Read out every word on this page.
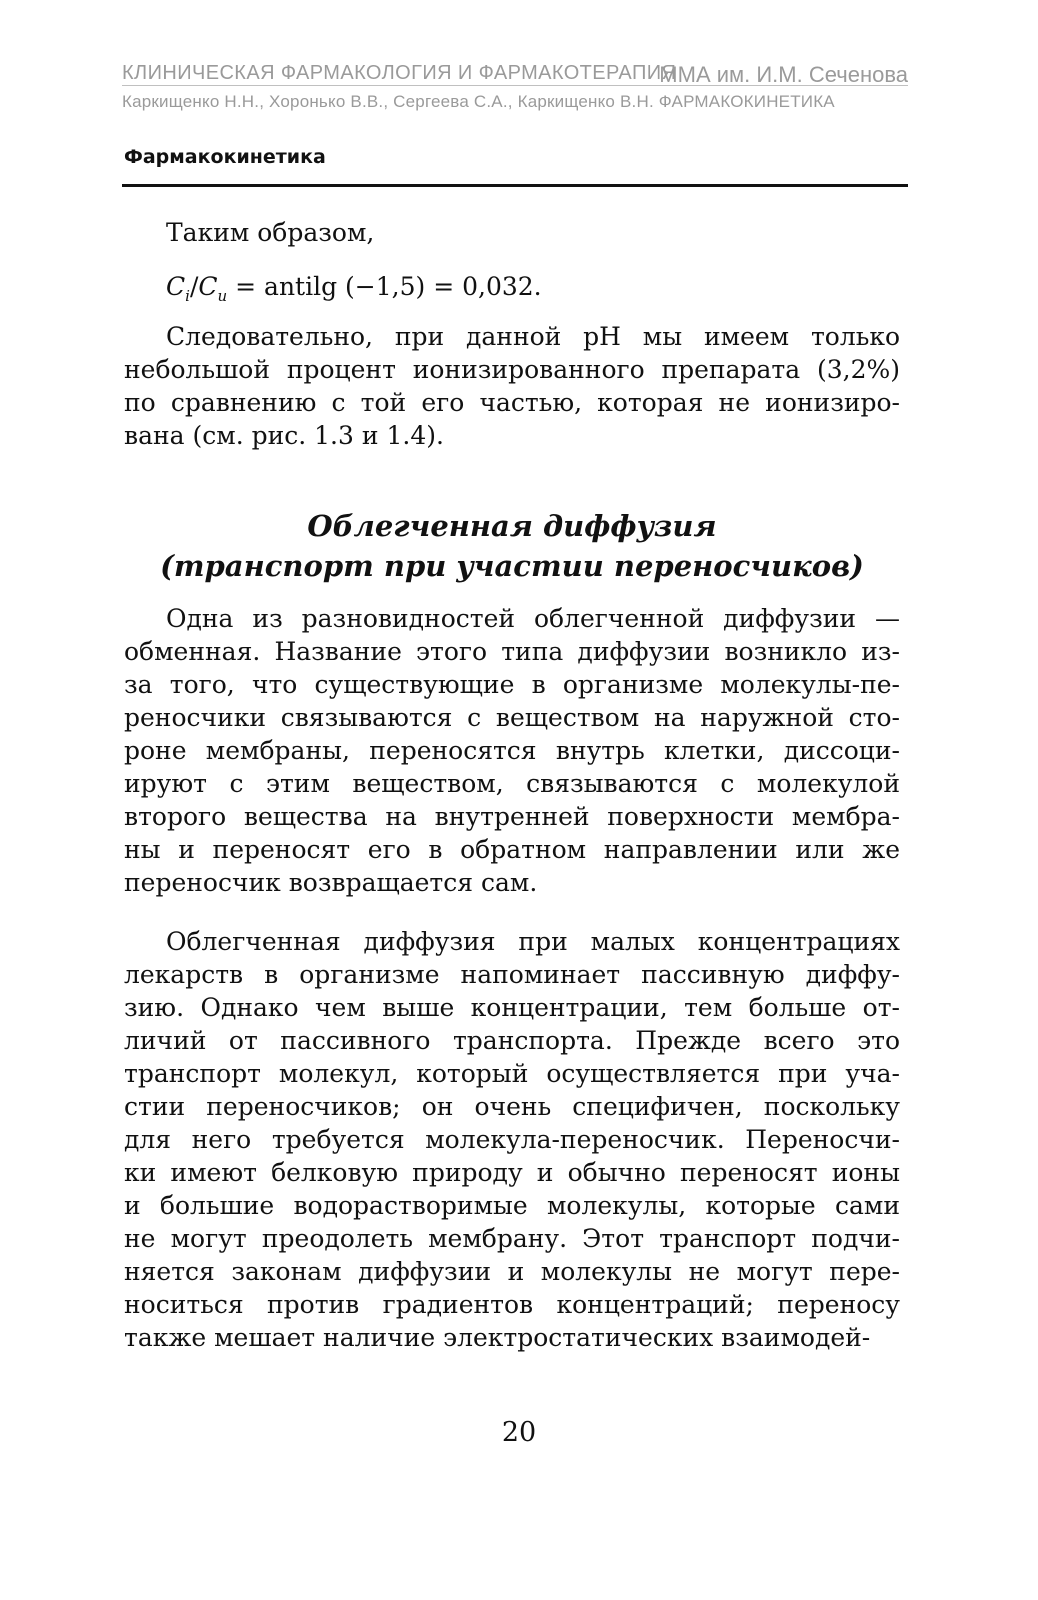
КЛИНИЧЕСКАЯ ФАРМАКОЛОГИЯ И ФАРМАКОТЕРАПИЯ
ММА им. И.М. Сеченова
Каркищенко Н.Н., Хоронько В.В., Сергеева С.А., Каркищенко В.Н. ФАРМАКОКИНЕТИКА
Фармакокинетика

Таким образом,

$C_i/C_u$ = antilg (−1,5) = 0,032.
Следовательно, при данной pH мы имеем только
небольшой процент ионизированного препарата (3,2%)
по сравнению с той его частью, которая не ионизиро-
вана (см. рис. 1.3 и 1.4).
Облегченная диффузия
(транспорт при участии переносчиков)
Одна из разновидностей облегченной диффузии —
обменная. Название этого типа диффузии возникло из-
за того, что существующие в организме молекулы-пе-
реносчики связываются с веществом на наружной сто-
роне мембраны, переносятся внутрь клетки, диссоци-
ируют с этим веществом, связываются с молекулой
второго вещества на внутренней поверхности мембра-
ны и переносят его в обратном направлении или же
переносчик возвращается сам.
Облегченная диффузия при малых концентрациях
лекарств в организме напоминает пассивную диффу-
зию. Однако чем выше концентрации, тем больше от-
личий от пассивного транспорта. Прежде всего это
транспорт молекул, который осуществляется при уча-
стии переносчиков; он очень специфичен, поскольку
для него требуется молекула-переносчик. Переносчи-
ки имеют белковую природу и обычно переносят ионы
и большие водорастворимые молекулы, которые сами
не могут преодолеть мембрану. Этот транспорт подчи-
няется законам диффузии и молекулы не могут пере-
носиться против градиентов концентраций; переносу
также мешает наличие электростатических взаимодей-
20
